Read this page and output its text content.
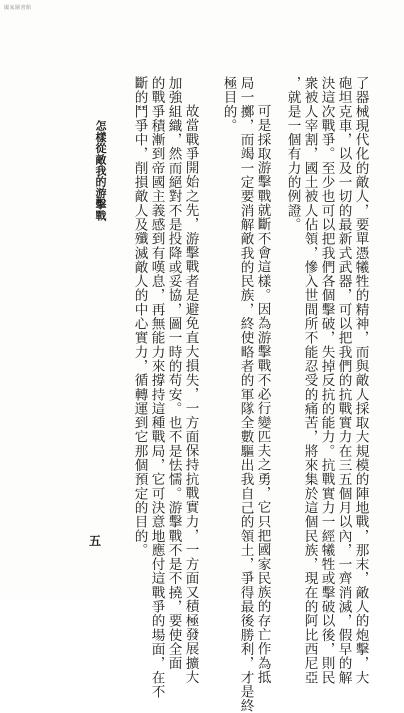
國家圖書館
了器械現代化的敵人，要單憑犧牲的精神，而與敵人採取大規模的陣地戰，那末，敵人的炮擊，大
砲坦克車，以及一切的最新式武器，可以把我們的抗戰實力在三五個月以內，一齊消滅，假早的解
決這次戰爭。至少也可以把我們各個擊破，失掉反抗的能力。抗戰實力一經犧牲或擊破以後，則民
衆被人宰割，國土被人佔領，慘入世間所不能忍受的痛苦，將來集於這個民族，現在的阿比西尼亞
，就是一個有力的例證。
可是採取游擊戰就斷不會這樣。因為游擊戰不必行變匹夫之勇，它只把國家民族的存亡作為抵
局一擲，而竭一定要消解敵我的民族，終使略者的軍隊全數驅出我自己的領土，爭得最後勝利，才是終
極目的。
故當戰爭開始之先，游擊戰者是避免直大損失，一方面保持抗戰實力，一方面又積極發展擴大
加強組織，然而絕對不是投降或妥協，圖一時的苟安。也不是怯懦。游擊戰不是不撓，要使全面
的戰爭積漸到帝國主義感到有嘆息，再無能力來撐持這種戰局，它可決意地應付這戰爭的場面，在不
斷的鬥爭中，削損敵人及殲滅敵人的中心實力，循轉運到它那個預定的目的。
怎樣從敵我的游擊戰
五
